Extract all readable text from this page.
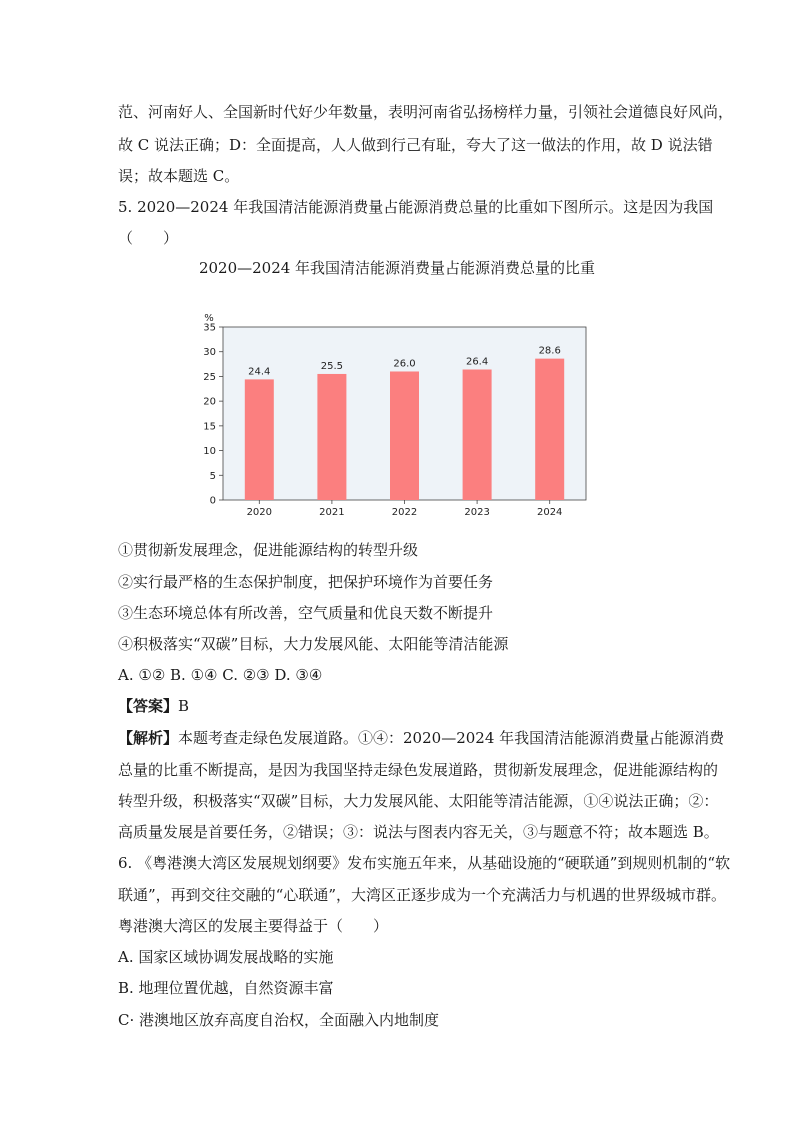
范、河南好人、全国新时代好少年数量，表明河南省弘扬榜样力量，引领社会道德良好风尚，
故 C 说法正确；D：全面提高，人人做到行己有耻，夸大了这一做法的作用，故 D 说法错
误；故本题选 C。
5. 2020—2024 年我国清洁能源消费量占能源消费总量的比重如下图所示。这是因为我国
（　　）
2020—2024 年我国清洁能源消费量占能源消费总量的比重
%
0
5
10
15
20
25
30
35
24.4
2020
25.5
2021
26.0
2022
26.4
2023
28.6
2024
①贯彻新发展理念，促进能源结构的转型升级
②实行最严格的生态保护制度，把保护环境作为首要任务
③生态环境总体有所改善，空气质量和优良天数不断提升
④积极落实“双碳”目标，大力发展风能、太阳能等清洁能源
A. ①② B. ①④ C. ②③ D. ③④
【答案】B
【解析】本题考查走绿色发展道路。①④：2020—2024 年我国清洁能源消费量占能源消费
总量的比重不断提高，是因为我国坚持走绿色发展道路，贯彻新发展理念，促进能源结构的
转型升级，积极落实“双碳”目标，大力发展风能、太阳能等清洁能源，①④说法正确；②：
高质量发展是首要任务，②错误；③：说法与图表内容无关，③与题意不符；故本题选 B。
6. 《粤港澳大湾区发展规划纲要》发布实施五年来，从基础设施的“硬联通”到规则机制的“软
联通”，再到交往交融的“心联通”，大湾区正逐步成为一个充满活力与机遇的世界级城市群。
粤港澳大湾区的发展主要得益于（　　）
A. 国家区域协调发展战略的实施
B. 地理位置优越，自然资源丰富
C· 港澳地区放弃高度自治权，全面融入内地制度
